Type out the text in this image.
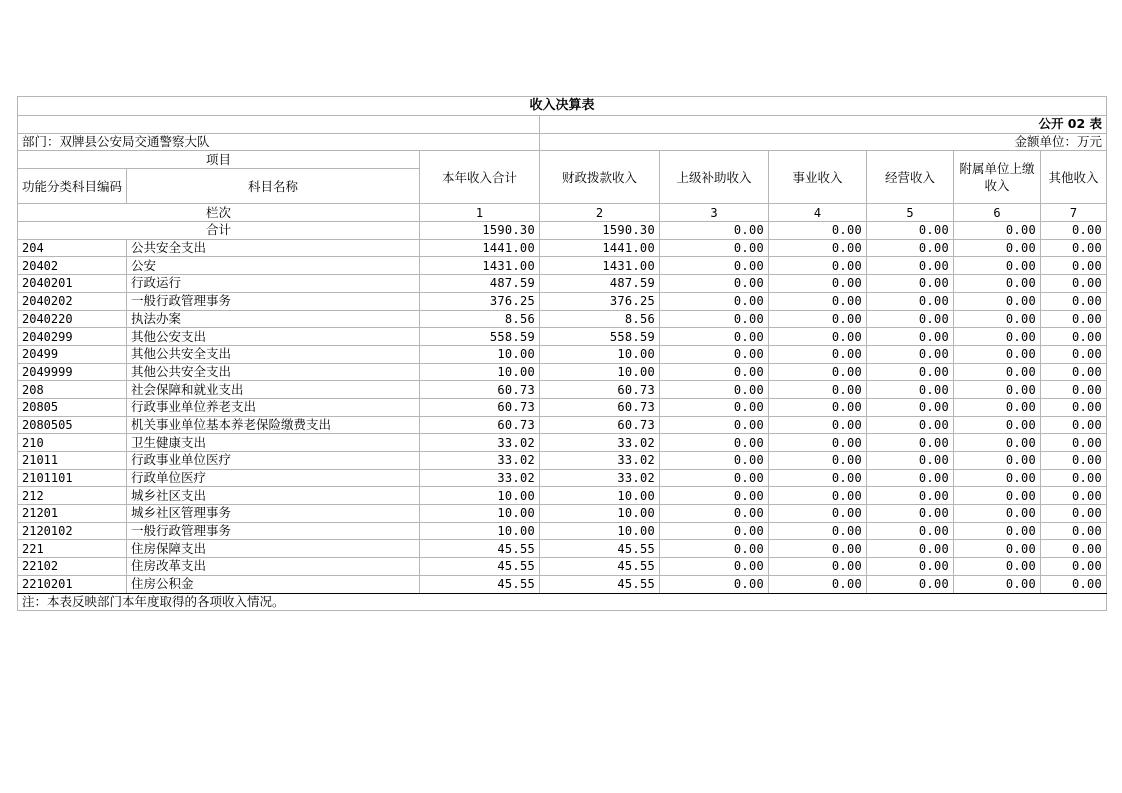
收入决算表								
			公开 02 表					
部门：双牌县公安局交通警察大队			金额单位：万元					
项目		本年收入合计	财政拨款收入	上级补助收入	事业收入	经营收入	附属单位上缴收入	其他收入
功能分类科目编码	科目名称							
栏次		1	2	3	4	5	6	7
合计		1590.30	1590.30	0.00	0.00	0.00	0.00	0.00
204	公共安全支出	1441.00	1441.00	0.00	0.00	0.00	0.00	0.00
20402	公安	1431.00	1431.00	0.00	0.00	0.00	0.00	0.00
2040201	行政运行	487.59	487.59	0.00	0.00	0.00	0.00	0.00
2040202	一般行政管理事务	376.25	376.25	0.00	0.00	0.00	0.00	0.00
2040220	执法办案	8.56	8.56	0.00	0.00	0.00	0.00	0.00
2040299	其他公安支出	558.59	558.59	0.00	0.00	0.00	0.00	0.00
20499	其他公共安全支出	10.00	10.00	0.00	0.00	0.00	0.00	0.00
2049999	其他公共安全支出	10.00	10.00	0.00	0.00	0.00	0.00	0.00
208	社会保障和就业支出	60.73	60.73	0.00	0.00	0.00	0.00	0.00
20805	行政事业单位养老支出	60.73	60.73	0.00	0.00	0.00	0.00	0.00
2080505	机关事业单位基本养老保险缴费支出	60.73	60.73	0.00	0.00	0.00	0.00	0.00
210	卫生健康支出	33.02	33.02	0.00	0.00	0.00	0.00	0.00
21011	行政事业单位医疗	33.02	33.02	0.00	0.00	0.00	0.00	0.00
2101101	行政单位医疗	33.02	33.02	0.00	0.00	0.00	0.00	0.00
212	城乡社区支出	10.00	10.00	0.00	0.00	0.00	0.00	0.00
21201	城乡社区管理事务	10.00	10.00	0.00	0.00	0.00	0.00	0.00
2120102	一般行政管理事务	10.00	10.00	0.00	0.00	0.00	0.00	0.00
221	住房保障支出	45.55	45.55	0.00	0.00	0.00	0.00	0.00
22102	住房改革支出	45.55	45.55	0.00	0.00	0.00	0.00	0.00
2210201	住房公积金	45.55	45.55	0.00	0.00	0.00	0.00	0.00
注：本表反映部门本年度取得的各项收入情况。								
